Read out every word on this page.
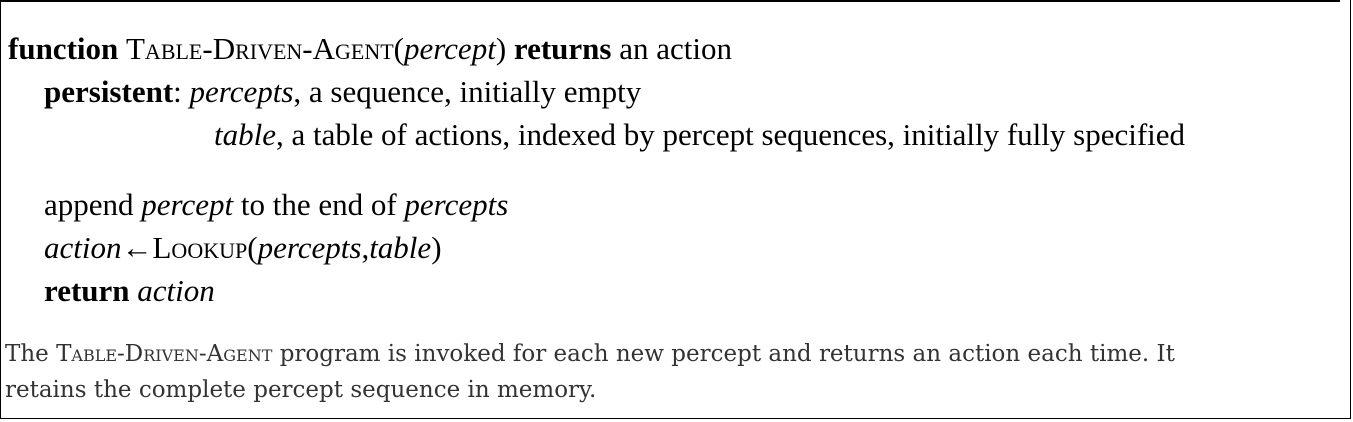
function Table-Driven-Agent(percept) returns an action
persistent: percepts, a sequence, initially empty
table, a table of actions, indexed by percept sequences, initially fully specified
append percept to the end of percepts
action←Lookup(percepts,table)
return action
The Table-Driven-Agent program is invoked for each new percept and returns an action each time. It
retains the complete percept sequence in memory.
